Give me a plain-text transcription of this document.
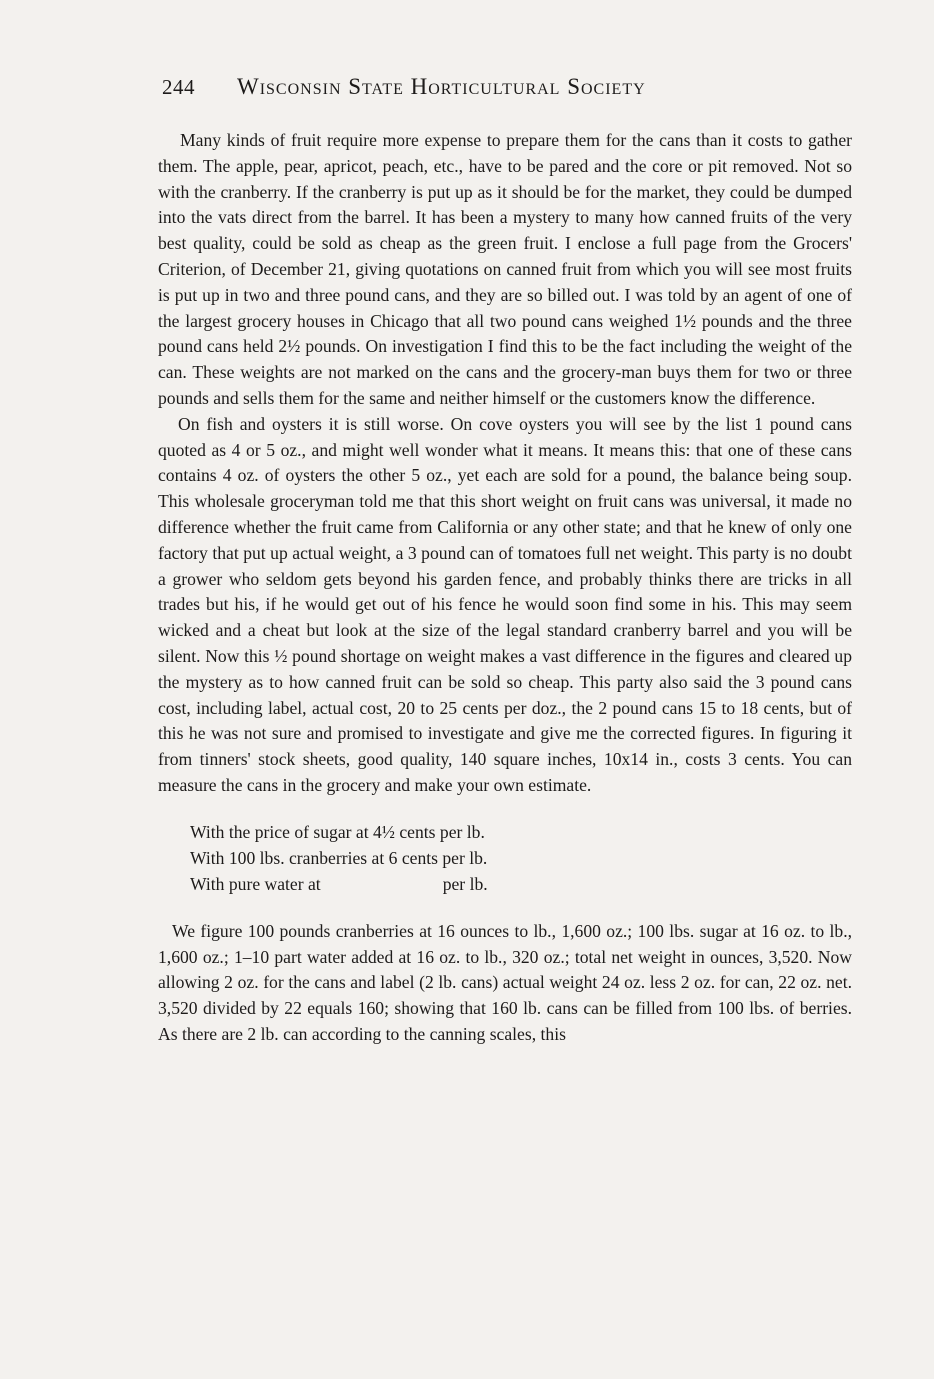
244 Wisconsin State Horticultural Society

Many kinds of fruit require more expense to prepare them for the cans than it costs to gather them. The apple, pear, apricot, peach, etc., have to be pared and the core or pit removed. Not so with the cranberry. If the cranberry is put up as it should be for the market, they could be dumped into the vats direct from the barrel. It has been a mystery to many how canned fruits of the very best quality, could be sold as cheap as the green fruit. I enclose a full page from the Grocers' Criterion, of December 21, giving quotations on canned fruit from which you will see most fruits is put up in two and three pound cans, and they are so billed out. I was told by an agent of one of the largest grocery houses in Chicago that all two pound cans weighed 1½ pounds and the three pound cans held 2½ pounds. On investigation I find this to be the fact including the weight of the can. These weights are not marked on the cans and the grocery-man buys them for two or three pounds and sells them for the same and neither himself or the customers know the difference.

On fish and oysters it is still worse. On cove oysters you will see by the list 1 pound cans quoted as 4 or 5 oz., and might well wonder what it means. It means this: that one of these cans contains 4 oz. of oysters the other 5 oz., yet each are sold for a pound, the balance being soup. This wholesale groceryman told me that this short weight on fruit cans was universal, it made no difference whether the fruit came from California or any other state; and that he knew of only one factory that put up actual weight, a 3 pound can of tomatoes full net weight. This party is no doubt a grower who seldom gets beyond his garden fence, and probably thinks there are tricks in all trades but his, if he would get out of his fence he would soon find some in his. This may seem wicked and a cheat but look at the size of the legal standard cranberry barrel and you will be silent. Now this ½ pound shortage on weight makes a vast difference in the figures and cleared up the mystery as to how canned fruit can be sold so cheap. This party also said the 3 pound cans cost, including label, actual cost, 20 to 25 cents per doz., the 2 pound cans 15 to 18 cents, but of this he was not sure and promised to investigate and give me the corrected figures. In figuring it from tinners' stock sheets, good quality, 140 square inches, 10x14 in., costs 3 cents. You can measure the cans in the grocery and make your own estimate.

With the price of sugar at 4½ cents per lb.
With 100 lbs. cranberries at 6 cents per lb.
With pure water at	per lb.

We figure 100 pounds cranberries at 16 ounces to lb., 1,600 oz.; 100 lbs. sugar at 16 oz. to lb., 1,600 oz.; 1–10 part water added at 16 oz. to lb., 320 oz.; total net weight in ounces, 3,520. Now allowing 2 oz. for the cans and label (2 lb. cans) actual weight 24 oz. less 2 oz. for can, 22 oz. net. 3,520 divided by 22 equals 160; showing that 160 lb. cans can be filled from 100 lbs. of berries. As there are 2 lb. can according to the canning scales, this
